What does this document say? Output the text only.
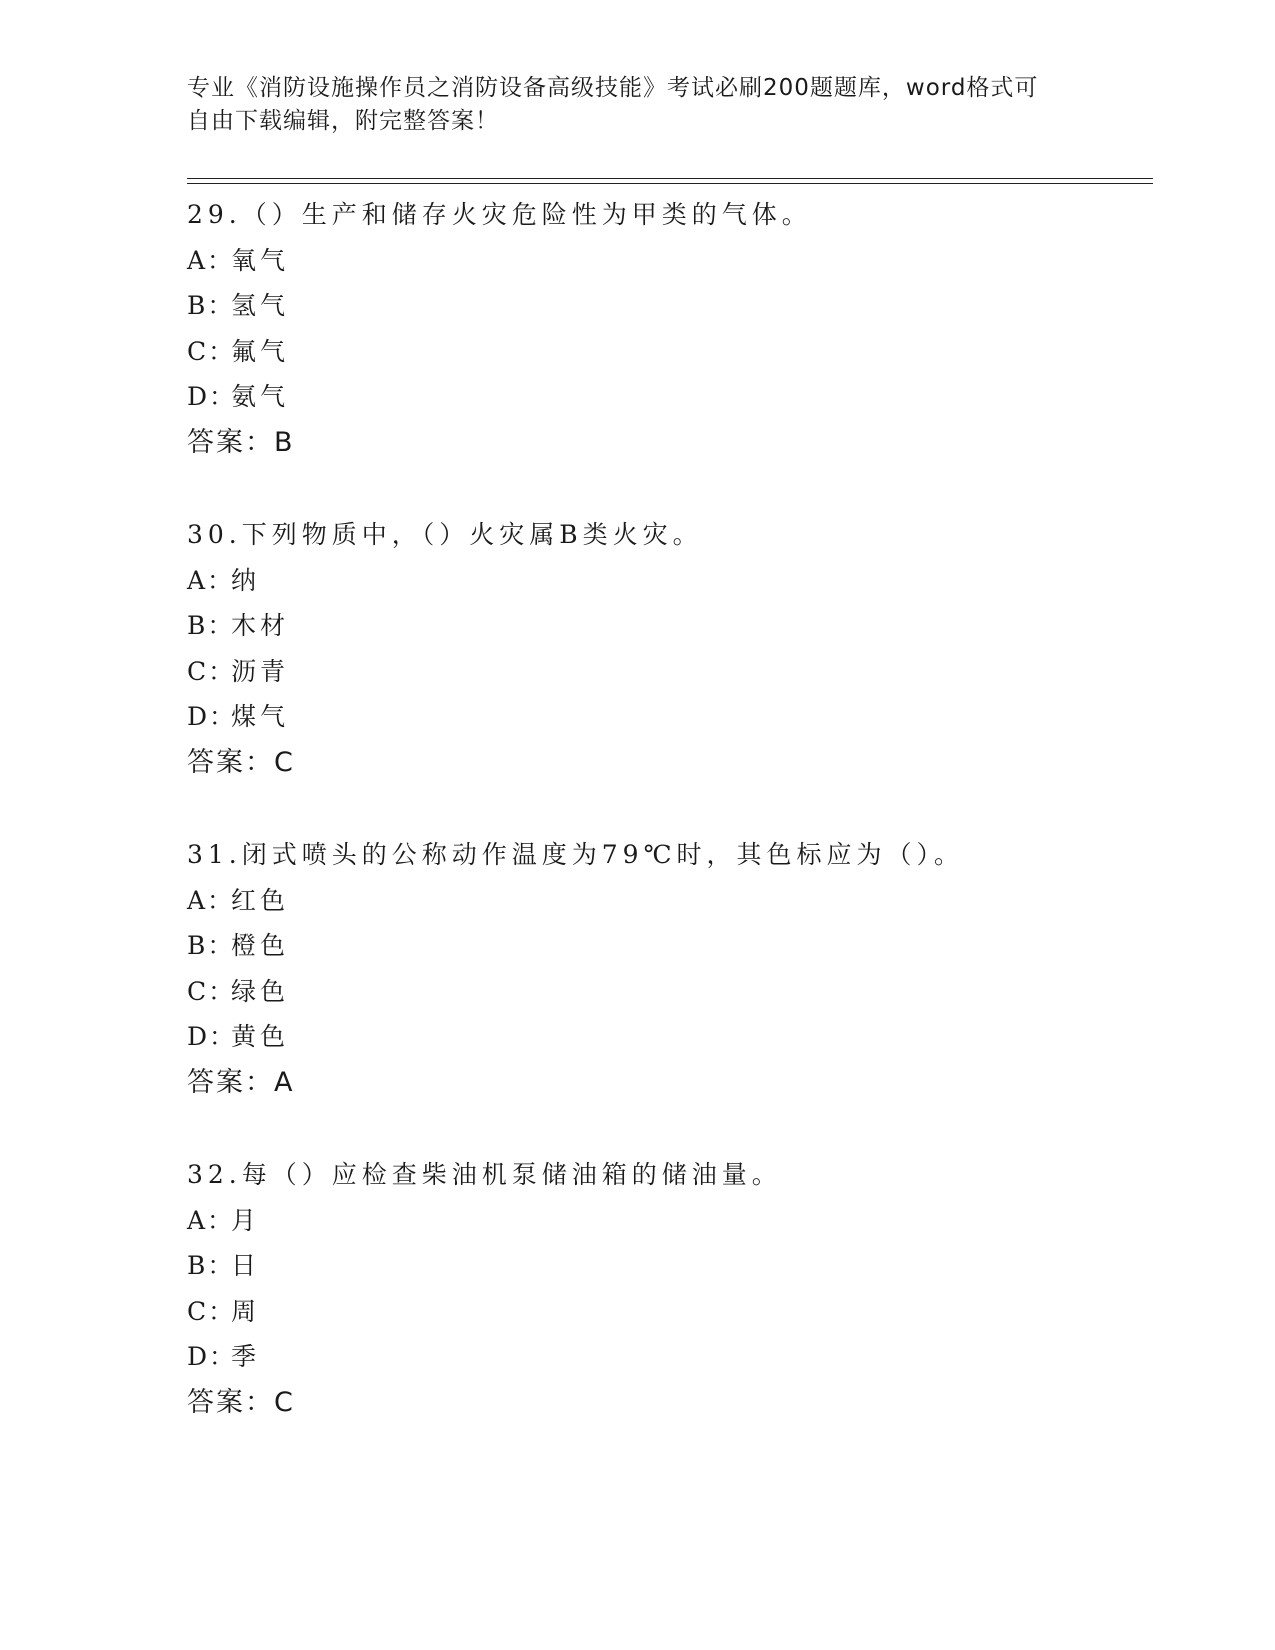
专业《消防设施操作员之消防设备高级技能》考试必刷200题题库，word格式可
自由下载编辑，附完整答案！
29.（）生产和储存火灾危险性为甲类的气体。
A：氧气
B：氢气
C：氟气
D：氨气
答案：B
30.下列物质中，（）火灾属B类火灾。
A：纳
B：木材
C：沥青
D：煤气
答案：C
31.闭式喷头的公称动作温度为79℃时，其色标应为（）。
A：红色
B：橙色
C：绿色
D：黄色
答案：A
32.每（）应检查柴油机泵储油箱的储油量。
A：月
B：日
C：周
D：季
答案：C
